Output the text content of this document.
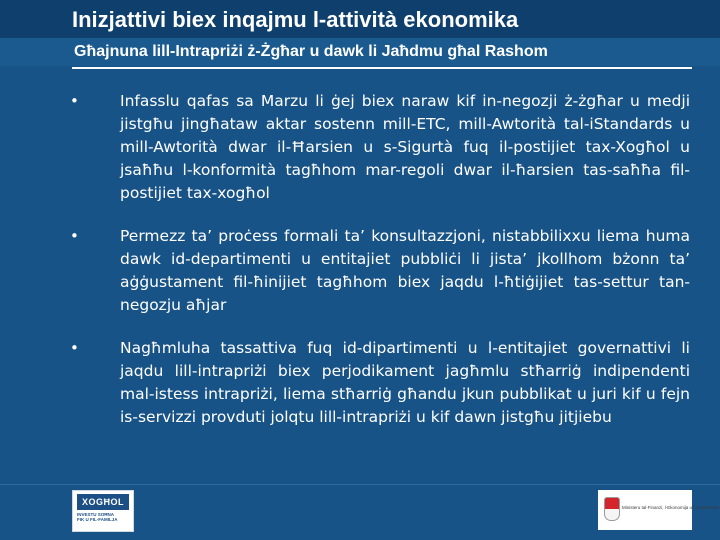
Inizjattivi biex inqajmu l-attività ekonomika
Għajnuna lill-Intrapriżi ż-Żgħar u dawk li Jaħdmu għal Rashom
•	Infasslu qafas sa Marzu li ġej biex naraw kif in-negozji ż-żgħar u medji jistgħu jingħataw aktar sostenn mill-ETC, mill-Awtorità tal-iStandards u mill-Awtorità dwar il-Ħarsien u s-Sigurtà fuq il-postijiet tax-Xogħol u jsaħħu l-konformità tagħhom mar-regoli dwar il-ħarsien tas-saħħa fil-postijiet tax-xogħol
•	Permezz ta’ proċess formali ta’ konsultazzjoni, nistabbilixxu liema huma dawk id-departimenti u entitajiet pubbliċi li jista’ jkollhom bżonn ta’ aġġustament fil-ħinijiet tagħhom biex jaqdu l-ħtiġijiet tas-settur tan-negozju aħjar
•	Nagħmluha tassattiva fuq id-dipartimenti u l-entitajiet governattivi li jaqdu lill-intrapriżi biex perjodikament jagħmlu stħarriġ indipendenti mal-istess intrapriżi, liema stħarriġ għandu jkun pubblikat u juri kif u fejn is-servizzi provduti jolqtu lill-intrapriżi u kif dawn jistgħu jitjiebu
XOGĦOL
INVESTU SOĦNA
FIK U FIL-FAMILJA
Ministeru tal-Finanzi, l-Ekonomija u l-Investiment
